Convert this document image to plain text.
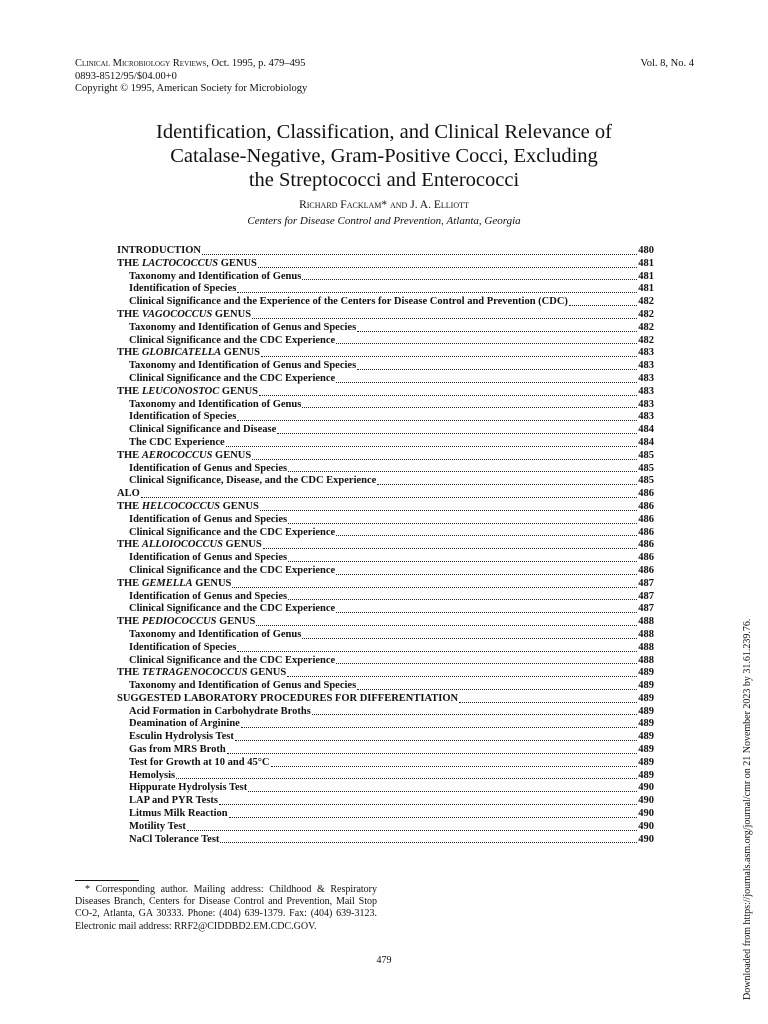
Clinical Microbiology Reviews, Oct. 1995, p. 479–495
0893-8512/95/$04.00+0
Copyright © 1995, American Society for Microbiology
Vol. 8, No. 4
Identification, Classification, and Clinical Relevance of
Catalase-Negative, Gram-Positive Cocci, Excluding
the Streptococci and Enterococci
Richard Facklam* and J. A. Elliott
Centers for Disease Control and Prevention, Atlanta, Georgia
INTRODUCTION	480
THE LACTOCOCCUS GENUS	481
Taxonomy and Identification of Genus	481
Identification of Species	481
Clinical Significance and the Experience of the Centers for Disease Control and Prevention (CDC)	482
THE VAGOCOCCUS GENUS	482
Taxonomy and Identification of Genus and Species	482
Clinical Significance and the CDC Experience	482
THE GLOBICATELLA GENUS	483
Taxonomy and Identification of Genus and Species	483
Clinical Significance and the CDC Experience	483
THE LEUCONOSTOC GENUS	483
Taxonomy and Identification of Genus	483
Identification of Species	483
Clinical Significance and Disease	484
The CDC Experience	484
THE AEROCOCCUS GENUS	485
Identification of Genus and Species	485
Clinical Significance, Disease, and the CDC Experience	485
ALO	486
THE HELCOCOCCUS GENUS	486
Identification of Genus and Species	486
Clinical Significance and the CDC Experience	486
THE ALLOIOCOCCUS GENUS	486
Identification of Genus and Species	486
Clinical Significance and the CDC Experience	486
THE GEMELLA GENUS	487
Identification of Genus and Species	487
Clinical Significance and the CDC Experience	487
THE PEDIOCOCCUS GENUS	488
Taxonomy and Identification of Genus	488
Identification of Species	488
Clinical Significance and the CDC Experience	488
THE TETRAGENOCOCCUS GENUS	489
Taxonomy and Identification of Genus and Species	489
SUGGESTED LABORATORY PROCEDURES FOR DIFFERENTIATION	489
Acid Formation in Carbohydrate Broths	489
Deamination of Arginine	489
Esculin Hydrolysis Test	489
Gas from MRS Broth	489
Test for Growth at 10 and 45°C	489
Hemolysis	489
Hippurate Hydrolysis Test	490
LAP and PYR Tests	490
Litmus Milk Reaction	490
Motility Test	490
NaCl Tolerance Test	490
* Corresponding author. Mailing address: Childhood & Respiratory Diseases Branch, Centers for Disease Control and Prevention, Mail Stop CO-2, Atlanta, GA 30333. Phone: (404) 639-1379. Fax: (404) 639-3123. Electronic mail address: RRF2@CIDDBD2.EM.CDC.GOV.
479	Downloaded from https://journals.asm.org/journal/cmr on 21 November 2023 by 31.61.239.76.
